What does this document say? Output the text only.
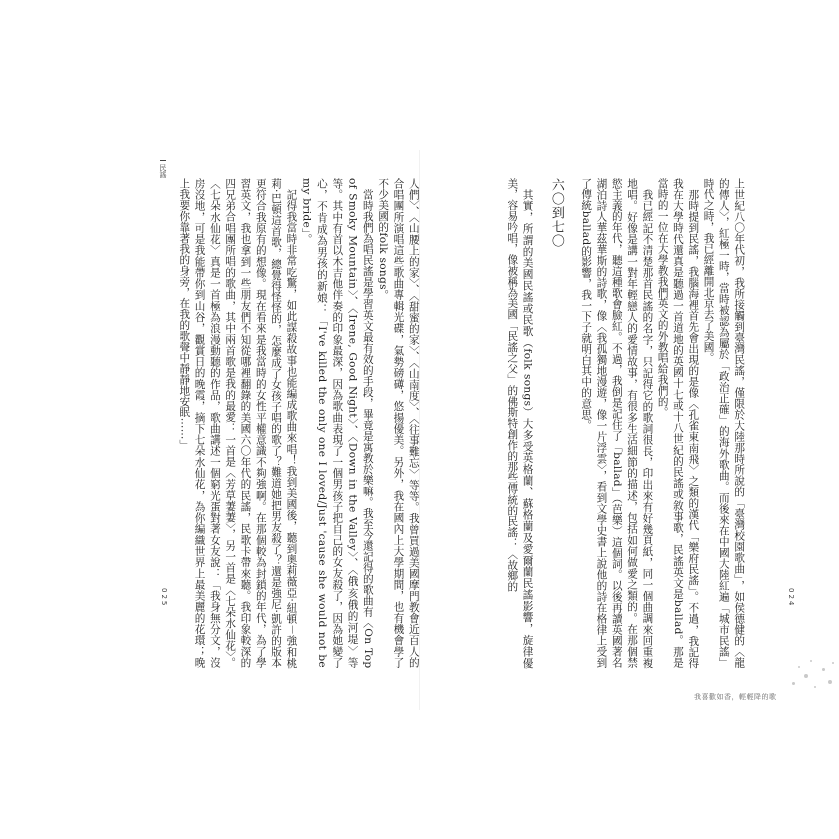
上世紀八〇年代初，我所接觸到臺灣民謠，僅限於大陸那時所說的「臺灣校園歌曲」，如侯德健的〈龍的傳人〉，紅極一時，當時被認為屬於「政治正確」的海外歌曲。而後來在中國大陸紅遍「城市民謠」時代之時，我已經離開北京去了美國。

那時提到民謠，我腦海裡首先會出現的是像〈孔雀東南飛〉之類的漢代「樂府民謠」。不過，我記得我在大學時代還真是聽過一首道地的英國十七或十八世紀的民謠或敘事歌，民謠英文是ballad。那是當時的一位在大學教我們英文的外教唱給我們的。

我已經記不清楚那首民謠的名字，只記得它的歌詞很長，印出來有好幾頁紙，同一個曲調來回重複地唱。好像是講一對年輕戀人的愛情故事，有很多生活細節的描述，包括如何做愛之類的。在那個禁慾主義的年代，聽這種歌會臉紅。不過，我倒是記住了「ballad」（芭樂）這個詞。以後再讀英國著名湖泊詩人華茲華斯的詩歌，像〈我孤獨地漫遊，像一片浮雲〉，看到文學史書上說他的詩在格律上受到了傳統ballad的影響，我一下子就明白其中的意思。

六〇到七〇

其實，所謂的美國民謠或民歌（folk songs）大多受英格蘭、蘇格蘭及愛爾蘭民謠影響，旋律優美，容易吟唱，像被稱為美國「民謠之父」的佛斯特創作的那些傳統的民謠：〈故鄉的

024

人們〉、〈山腰上的家〉、〈甜蜜的家〉、〈山南度〉、〈往事難忘〉等等。我曾買過美國摩門教會近百人的合唱團所演唱這些歌曲專輯光碟，氣勢磅礡，悠揚優美。另外，我在國內上大學期間，也有機會學了不少美國的folk songs。

當時我們為唱民謠是學習英文最有效的手段，畢竟是寓教於樂嘛。我至今還記得的歌曲有〈On Top of Smoky Mountain〉、〈Irene, Good Night〉、〈Down in the Valley〉、〈俄亥俄的河堤〉等等。其中有首以木吉他伴奏的印象最深，因為歌曲表現了一個男孩子把自己的女友殺了，因為她變了心，不肯成為男孩的新娘：「I've killed the only one I loved/Just 'cause she would not be my bride」。

記得我當時非常吃驚，如此謀殺故事也能編成歌曲來唱！我到美國後，聽到奧莉薇亞·紐頓－強和桃莉·巴頓這首歌，總覺得怪怪的，怎麼成了女孩子唱的歌了？難道她把男友殺了？還是強尼·凱許的版本更符合我原有的想像。現在看來是我當時的女性平權意識不夠強啊。在那個較為封鎖的年代，為了學習英文，我也拿到一些朋友們不知從哪裡翻錄的美國六〇年代的民謠，民歌卡帶來聽。我印象較深的四兄弟合唱團所唱的歌曲，其中兩首歌是我的最愛：一首是〈芳草萋萋〉，另一首是〈七朵水仙花〉。〈七朵水仙花〉真是一首極為浪漫動聽的作品，歌曲講述一個窮光蛋對著女友說：「我身無分文，沒房沒地，可是我能帶你到山谷，觀賞日的晚霞，摘下七朵水仙花，為你編織世界上最美麗的花環；晚上我要你靠著我的身旁，在我的歌聲中靜靜地安眠……」

民謠
025
我喜歡如香，輕輕降的歌
